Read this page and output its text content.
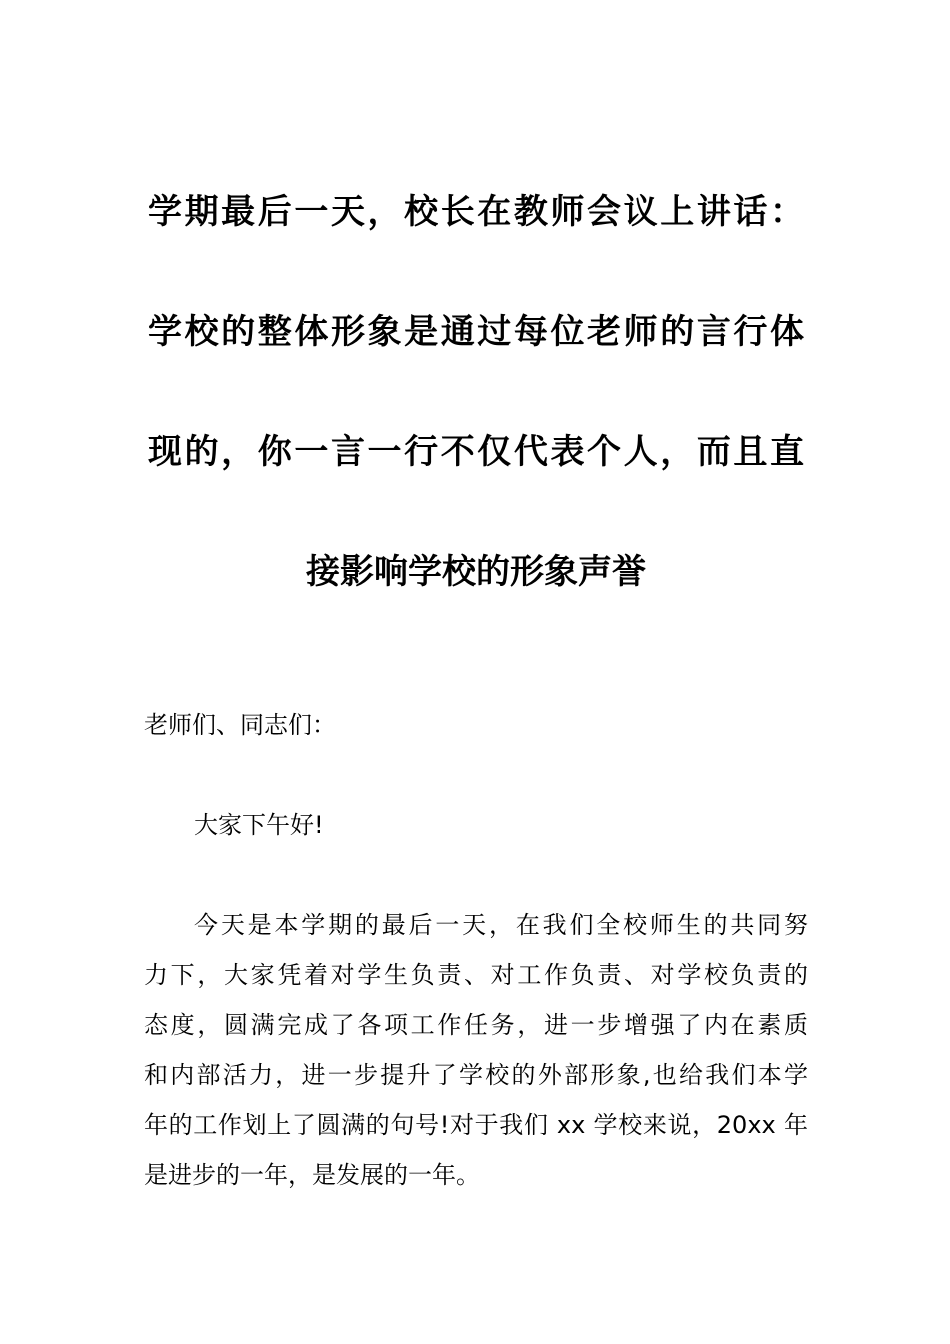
学期最后一天，校长在教师会议上讲话：
学校的整体形象是通过每位老师的言行体
现的，你一言一行不仅代表个人，而且直
接影响学校的形象声誉

老师们、同志们：

大家下午好!

今天是本学期的最后一天，在我们全校师生的共同努
力下，大家凭着对学生负责、对工作负责、对学校负责的
态度，圆满完成了各项工作任务，进一步增强了内在素质
和内部活力，进一步提升了学校的外部形象,也给我们本学
年的工作划上了圆满的句号!对于我们 xx 学校来说，20xx 年
是进步的一年，是发展的一年。
